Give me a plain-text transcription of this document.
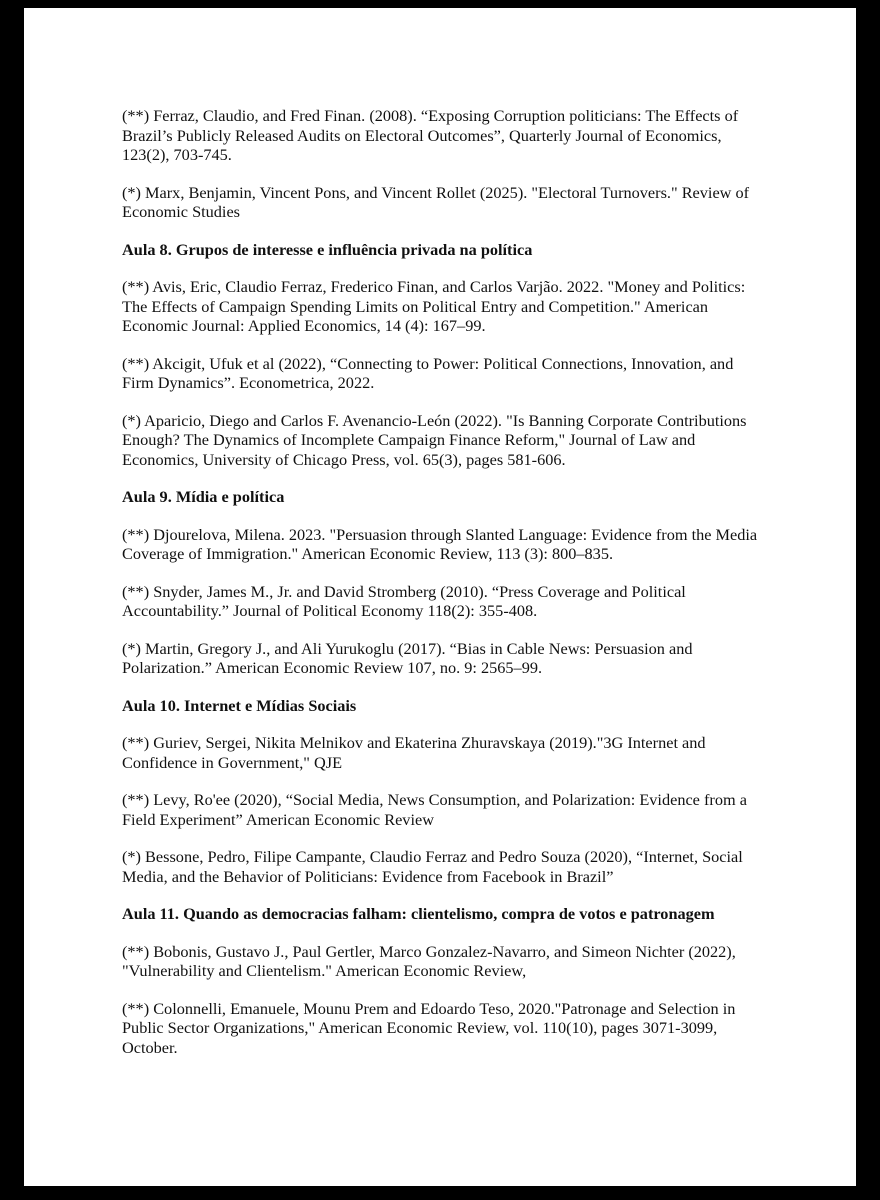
(**) Ferraz, Claudio, and Fred Finan. (2008). “Exposing Corruption politicians: The Effects of Brazil’s Publicly Released Audits on Electoral Outcomes”, Quarterly Journal of Economics, 123(2), 703-745.

(*) Marx, Benjamin, Vincent Pons, and Vincent Rollet (2025). "Electoral Turnovers." Review of Economic Studies

Aula 8. Grupos de interesse e influência privada na política

(**) Avis, Eric, Claudio Ferraz, Frederico Finan, and Carlos Varjão. 2022. "Money and Politics: The Effects of Campaign Spending Limits on Political Entry and Competition." American Economic Journal: Applied Economics, 14 (4): 167–99.

(**) Akcigit, Ufuk et al (2022), “Connecting to Power: Political Connections, Innovation, and Firm Dynamics”. Econometrica, 2022.

(*) Aparicio, Diego and Carlos F. Avenancio-León (2022). "Is Banning Corporate Contributions Enough? The Dynamics of Incomplete Campaign Finance Reform," Journal of Law and Economics, University of Chicago Press, vol. 65(3), pages 581-606.

Aula 9. Mídia e política

(**) Djourelova, Milena. 2023. "Persuasion through Slanted Language: Evidence from the Media Coverage of Immigration." American Economic Review, 113 (3): 800–835.

(**) Snyder, James M., Jr. and David Stromberg (2010). “Press Coverage and Political Accountability.” Journal of Political Economy 118(2): 355-408.

(*) Martin, Gregory J., and Ali Yurukoglu (2017). “Bias in Cable News: Persuasion and Polarization.” American Economic Review 107, no. 9: 2565–99.

Aula 10. Internet e Mídias Sociais

(**) Guriev, Sergei, Nikita Melnikov and Ekaterina Zhuravskaya (2019)."3G Internet and Confidence in Government," QJE

(**) Levy, Ro'ee (2020), “Social Media, News Consumption, and Polarization: Evidence from a Field Experiment” American Economic Review

(*) Bessone, Pedro, Filipe Campante, Claudio Ferraz and Pedro Souza (2020), “Internet, Social Media, and the Behavior of Politicians: Evidence from Facebook in Brazil”

Aula 11. Quando as democracias falham: clientelismo, compra de votos e patronagem

(**) Bobonis, Gustavo J., Paul Gertler, Marco Gonzalez-Navarro, and Simeon Nichter (2022), "Vulnerability and Clientelism." American Economic Review,

(**) Colonnelli, Emanuele, Mounu Prem and Edoardo Teso, 2020."Patronage and Selection in Public Sector Organizations," American Economic Review, vol. 110(10), pages 3071-3099, October.
